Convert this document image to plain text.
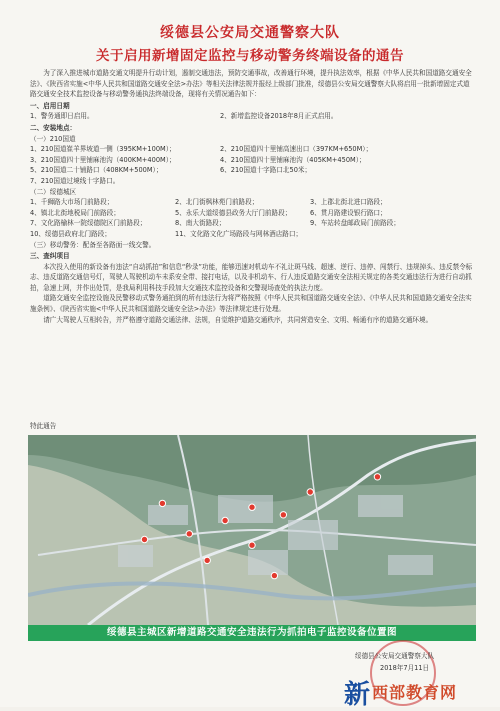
绥德县公安局交通警察大队
关于启用新增固定监控与移动警务终端设备的通告

为了深入推进城市道路交通文明提升行动计划，遏制交通违法，预防交通事故，改善通行环境，提升执法效率，根据《中华人民共和国道路交通安全法》、《陕西省实施<中华人民共和国道路交通安全法>办法》等相关法律法规并报经上级部门批准，绥德县公安局交通警察大队将启用一批新增固定式道路交通安全技术监控设备与移动警务通执法终端设备，现将有关情况通告如下：

一、启用日期

1、警务通即日启用。	2、新增监控设备2018年8月正式启用。

二、安装地点：

（一）210国道
1、210国道崔羊界坡道一侧（395KM+100M）；	2、210国道四十里铺高速出口（397KM+650M）；
3、210国道四十里铺麻池沟（400KM+400M）；	4、210国道四十里铺麻池沟（405KM+450M）；
5、210国道二十铺路口（408KM+500M）；	6、210国道十字路口北50米；
7、210国道过境线十字路口。
（二）绥德城区
1、千狮路大市场门前路段；	2、北门街枫林苑门前路段；	3、上郡北街北进口路段；
4、镇北北街地税局门前路段；	5、永乐大道绥德县政务大厅门前路段；	6、贯月路建设银行路口；
7、文化路榆林一院绥德院区门前路段；	8、南大街路段；	9、车站转盘邮政局门前路段；
10、绥德县政府北门路段；	11、文化路文化广场路段与网林酒店路口；
（三）移动警务：配备至各路面一线交警。

三、查纠项目

本次投入使用的新设备有违法“自动抓拍”和信息“秒录”功能，能够迅速对机动车不礼让斑马线、超速、逆行、违停、闯禁行、违规掉头、违反禁令标志、违反道路交通信号灯，驾驶人驾驶机动车未系安全带、接打电话，以及非机动车、行人违反道路交通安全法相关规定的各类交通违法行为进行自动抓拍，急速上网，并作出处罚，是我局利用科技手段加大交通技术监控设备和交警现场查处的执法力度。

道路交通安全监控设施及民警移动式警务通拍到的所有违法行为将严格按照《中华人民共和国道路交通安全法》、《中华人民共和国道路交通安全法实施条例》、《陕西省实施<中华人民共和国道路交通安全法>办法》等法律规定进行处理。

请广大驾驶人互相转告，并严格遵守道路交通法律、法规，自觉维护道路交通秩序，共同营造安全、文明、畅通有序的道路交通环境。

特此通告
绥德县主城区新增道路交通安全违法行为抓拍电子监控设备位置图
绥德县公安局交通警察大队
2018年7月11日
新 西部教育网
